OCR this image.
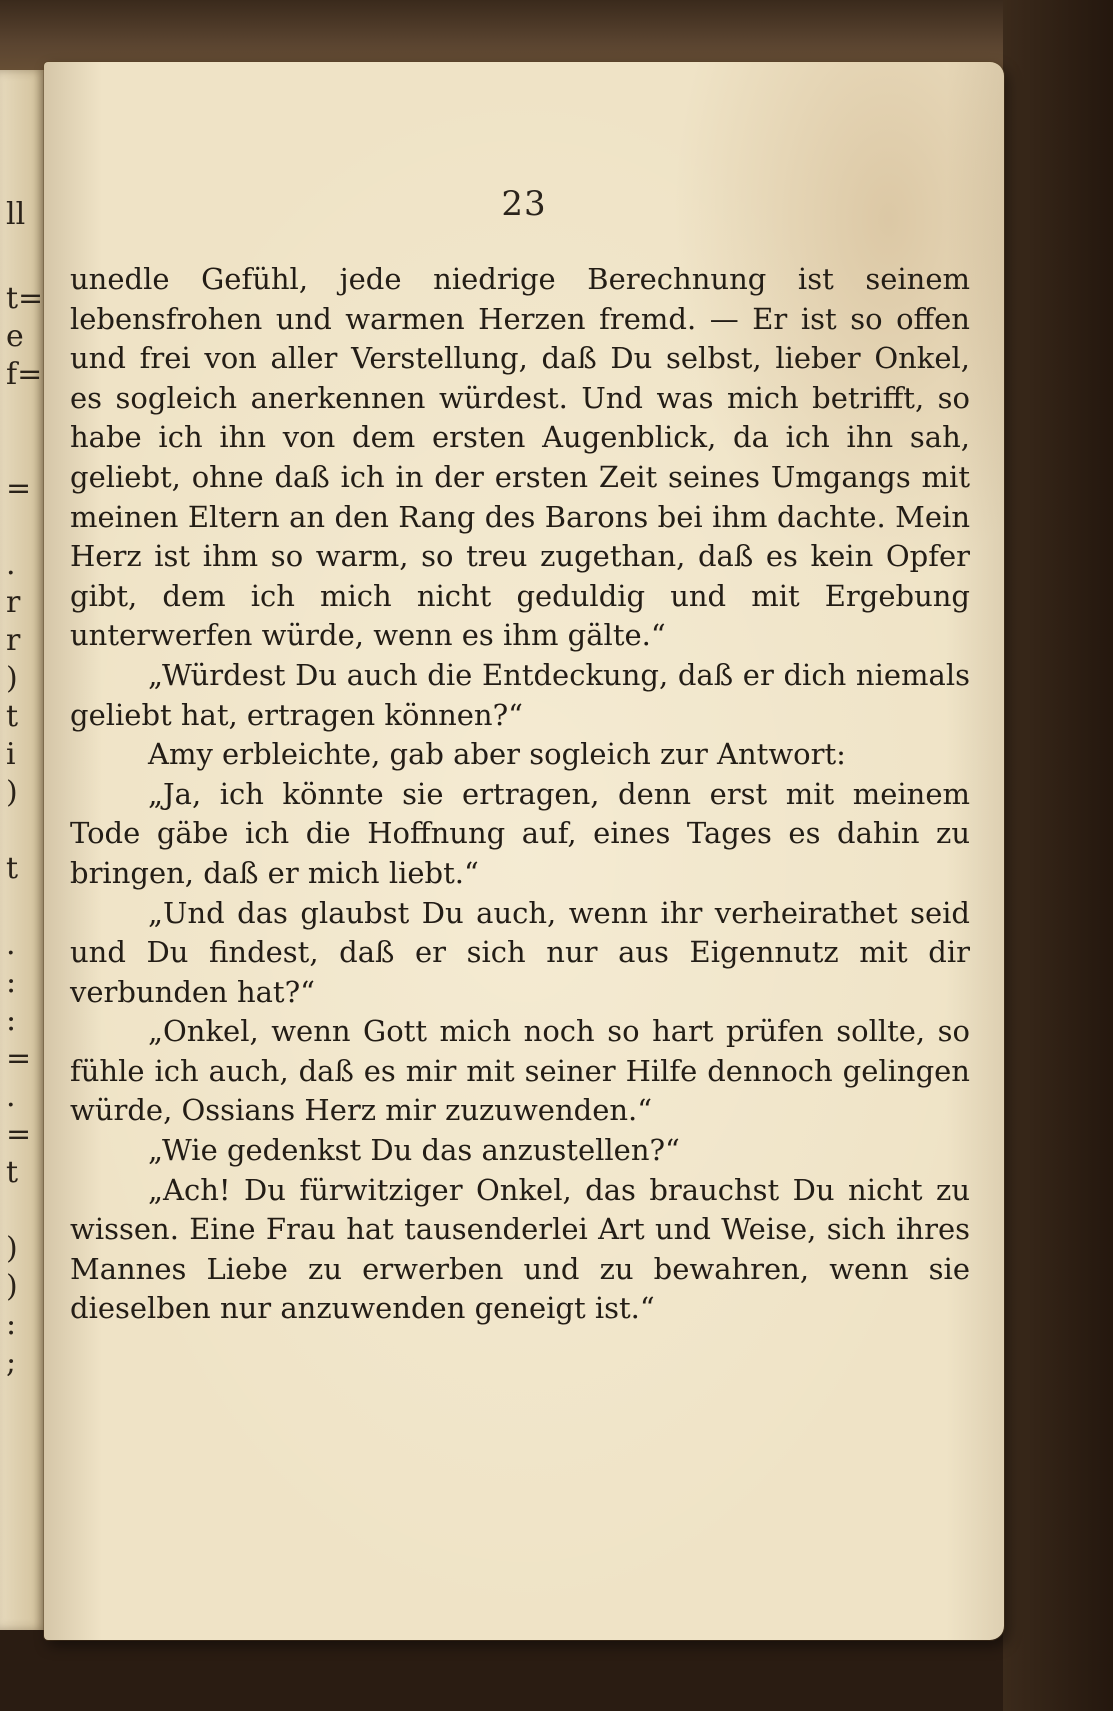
ll
t=
e
f=
=
.
r
r
)
t
i
)
t
.
:
:
=
.
=
t
)
)
:
;
23

unedle Gefühl, jede niedrige Berechnung ist seinem lebensfrohen und warmen Herzen fremd. — Er ist so offen und frei von aller Verstellung, daß Du selbst, lieber Onkel, es sogleich anerkennen würdest. Und was mich betrifft, so habe ich ihn von dem ersten Augenblick, da ich ihn sah, geliebt, ohne daß ich in der ersten Zeit seines Umgangs mit meinen Eltern an den Rang des Barons bei ihm dachte. Mein Herz ist ihm so warm, so treu zugethan, daß es kein Opfer gibt, dem ich mich nicht geduldig und mit Ergebung unterwerfen würde, wenn es ihm gälte.“

„Würdest Du auch die Entdeckung, daß er dich niemals geliebt hat, ertragen können?“

Amy erbleichte, gab aber sogleich zur Antwort:

„Ja, ich könnte sie ertragen, denn erst mit meinem Tode gäbe ich die Hoffnung auf, eines Tages es dahin zu bringen, daß er mich liebt.“

„Und das glaubst Du auch, wenn ihr verheirathet seid und Du findest, daß er sich nur aus Eigennutz mit dir verbunden hat?“

„Onkel, wenn Gott mich noch so hart prüfen sollte, so fühle ich auch, daß es mir mit seiner Hilfe dennoch gelingen würde, Ossians Herz mir zuzuwenden.“

„Wie gedenkst Du das anzustellen?“

„Ach! Du fürwitziger Onkel, das brauchst Du nicht zu wissen. Eine Frau hat tausenderlei Art und Weise, sich ihres Mannes Liebe zu erwerben und zu bewahren, wenn sie dieselben nur anzuwenden geneigt ist.“
